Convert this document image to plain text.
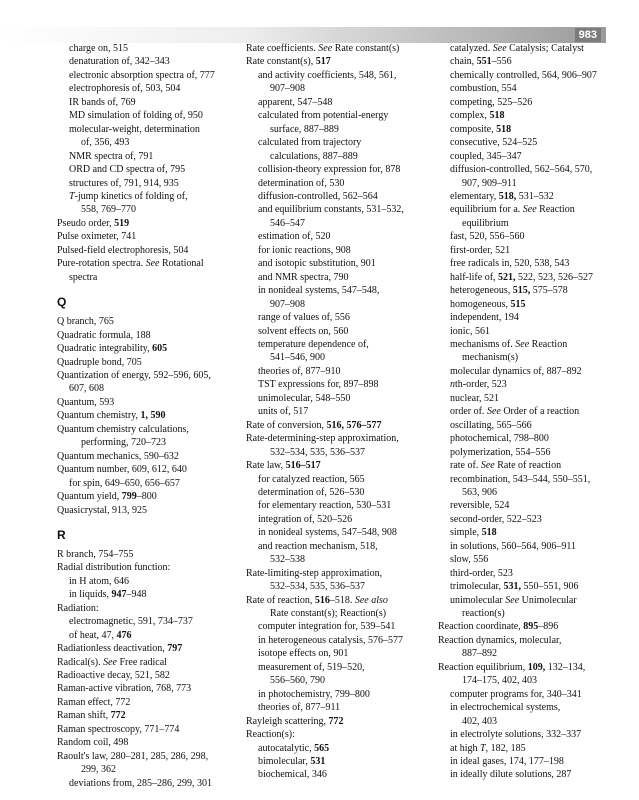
983
charge on, 515
denaturation of, 342–343
electronic absorption spectra of, 777
electrophoresis of, 503, 504
IR bands of, 769
MD simulation of folding of, 950
molecular-weight, determination
of, 356, 493
NMR spectra of, 791
ORD and CD spectra of, 795
structures of, 791, 914, 935
T-jump kinetics of folding of,
558, 769–770
Pseudo order, 519
Pulse oximeter, 741
Pulsed-field electrophoresis, 504
Pure-rotation spectra. See Rotational
spectra
Q
Q branch, 765
Quadratic formula, 188
Quadratic integrability, 605
Quadruple bond, 705
Quantization of energy, 592–596, 605,
607, 608
Quantum, 593
Quantum chemistry, 1, 590
Quantum chemistry calculations,
performing, 720–723
Quantum mechanics, 590–632
Quantum number, 609, 612, 640
for spin, 649–650, 656–657
Quantum yield, 799–800
Quasicrystal, 913, 925
R
R branch, 754–755
Radial distribution function:
in H atom, 646
in liquids, 947–948
Radiation:
electromagnetic, 591, 734–737
of heat, 47, 476
Radiationless deactivation, 797
Radical(s). See Free radical
Radioactive decay, 521, 582
Raman-active vibration, 768, 773
Raman effect, 772
Raman shift, 772
Raman spectroscopy, 771–774
Random coil, 498
Raoult's law, 280–281, 285, 286, 298,
299, 362
deviations from, 285–286, 299, 301
Rate coefficients. See Rate constant(s)
Rate constant(s), 517
and activity coefficients, 548, 561,
907–908
apparent, 547–548
calculated from potential-energy
surface, 887–889
calculated from trajectory
calculations, 887–889
collision-theory expression for, 878
determination of, 530
diffusion-controlled, 562–564
and equilibrium constants, 531–532,
546–547
estimation of, 520
for ionic reactions, 908
and isotopic substitution, 901
and NMR spectra, 790
in nonideal systems, 547–548,
907–908
range of values of, 556
solvent effects on, 560
temperature dependence of,
541–546, 900
theories of, 877–910
TST expressions for, 897–898
unimolecular, 548–550
units of, 517
Rate of conversion, 516, 576–577
Rate-determining-step approximation,
532–534, 535, 536–537
Rate law, 516–517
for catalyzed reaction, 565
determination of, 526–530
for elementary reaction, 530–531
integration of, 520–526
in nonideal systems, 547–548, 908
and reaction mechanism, 518,
532–538
Rate-limiting-step approximation,
532–534, 535, 536–537
Rate of reaction, 516–518. See also
Rate constant(s); Reaction(s)
computer integration for, 539–541
in heterogeneous catalysis, 576–577
isotope effects on, 901
measurement of, 519–520,
556–560, 790
in photochemistry, 799–800
theories of, 877–911
Rayleigh scattering, 772
Reaction(s):
autocatalytic, 565
bimolecular, 531
biochemical, 346
catalyzed. See Catalysis; Catalyst
chain, 551–556
chemically controlled, 564, 906–907
combustion, 554
competing, 525–526
complex, 518
composite, 518
consecutive, 524–525
coupled, 345–347
diffusion-controlled, 562–564, 570,
907, 909–911
elementary, 518, 531–532
equilibrium for a. See Reaction
equilibrium
fast, 520, 556–560
first-order, 521
free radicals in, 520, 538, 543
half-life of, 521, 522, 523, 526–527
heterogeneous, 515, 575–578
homogeneous, 515
independent, 194
ionic, 561
mechanisms of. See Reaction
mechanism(s)
molecular dynamics of, 887–892
nth-order, 523
nuclear, 521
order of. See Order of a reaction
oscillating, 565–566
photochemical, 798–800
polymerization, 554–556
rate of. See Rate of reaction
recombination, 543–544, 550–551,
563, 906
reversible, 524
second-order, 522–523
simple, 518
in solutions, 560–564, 906–911
slow, 556
third-order, 523
trimolecular, 531, 550–551, 906
unimolecular See Unimolecular
reaction(s)
Reaction coordinate, 895–896
Reaction dynamics, molecular,
887–892
Reaction equilibrium, 109, 132–134,
174–175, 402, 403
computer programs for, 340–341
in electrochemical systems,
402, 403
in electrolyte solutions, 332–337
at high T, 182, 185
in ideal gases, 174, 177–198
in ideally dilute solutions, 287
